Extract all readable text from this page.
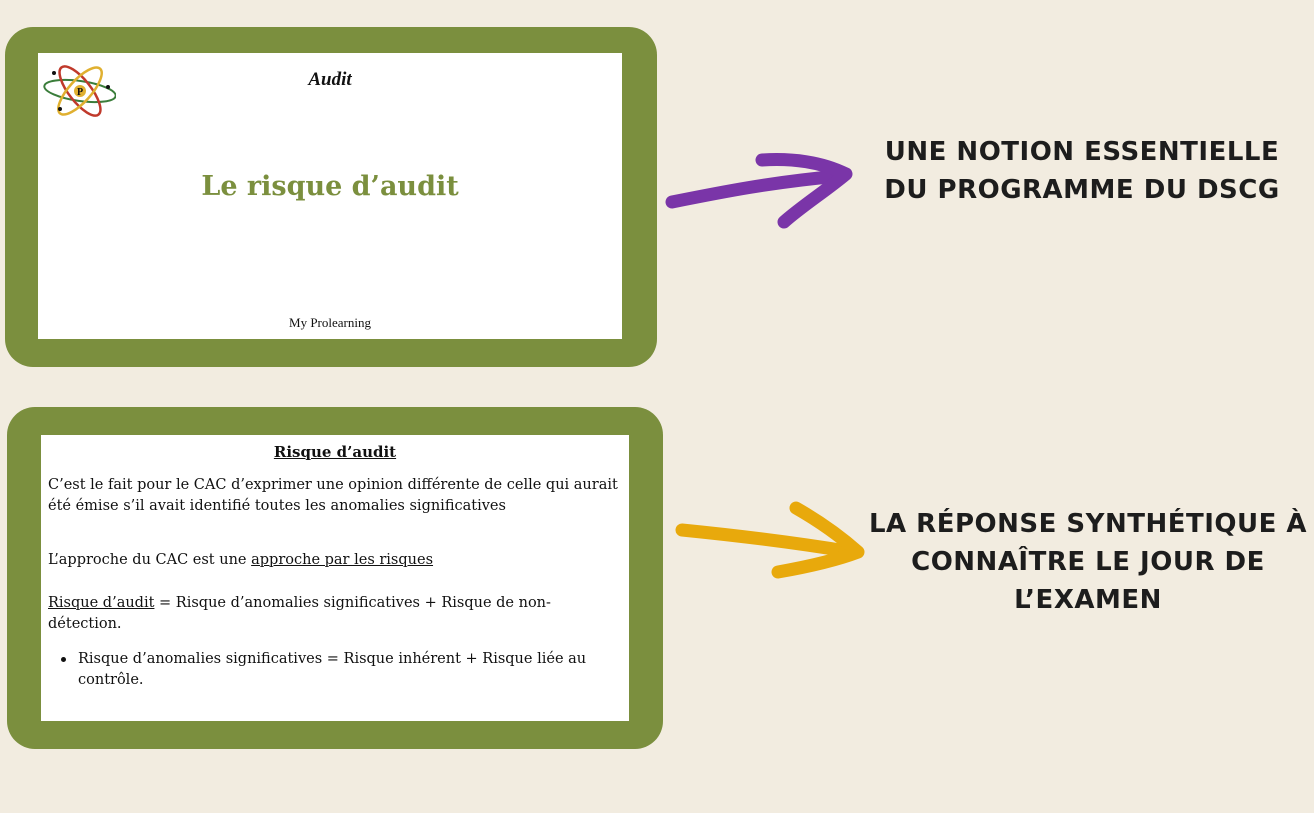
P
Audit
Le risque d’audit
My Prolearning
Risque d’audit
C’est le fait pour le CAC d’exprimer une opinion différente de celle qui aurait été émise s’il avait identifié toutes les anomalies significatives
L’approche du CAC est une approche par les risques
Risque d’audit = Risque d’anomalies significatives + Risque de non-détection.
Risque d’anomalies significatives = Risque inhérent + Risque liée au contrôle.
UNE NOTION ESSENTIELLE DU PROGRAMME DU DSCG
LA RÉPONSE SYNTHÉTIQUE À CONNAÎTRE LE JOUR DE L’EXAMEN
